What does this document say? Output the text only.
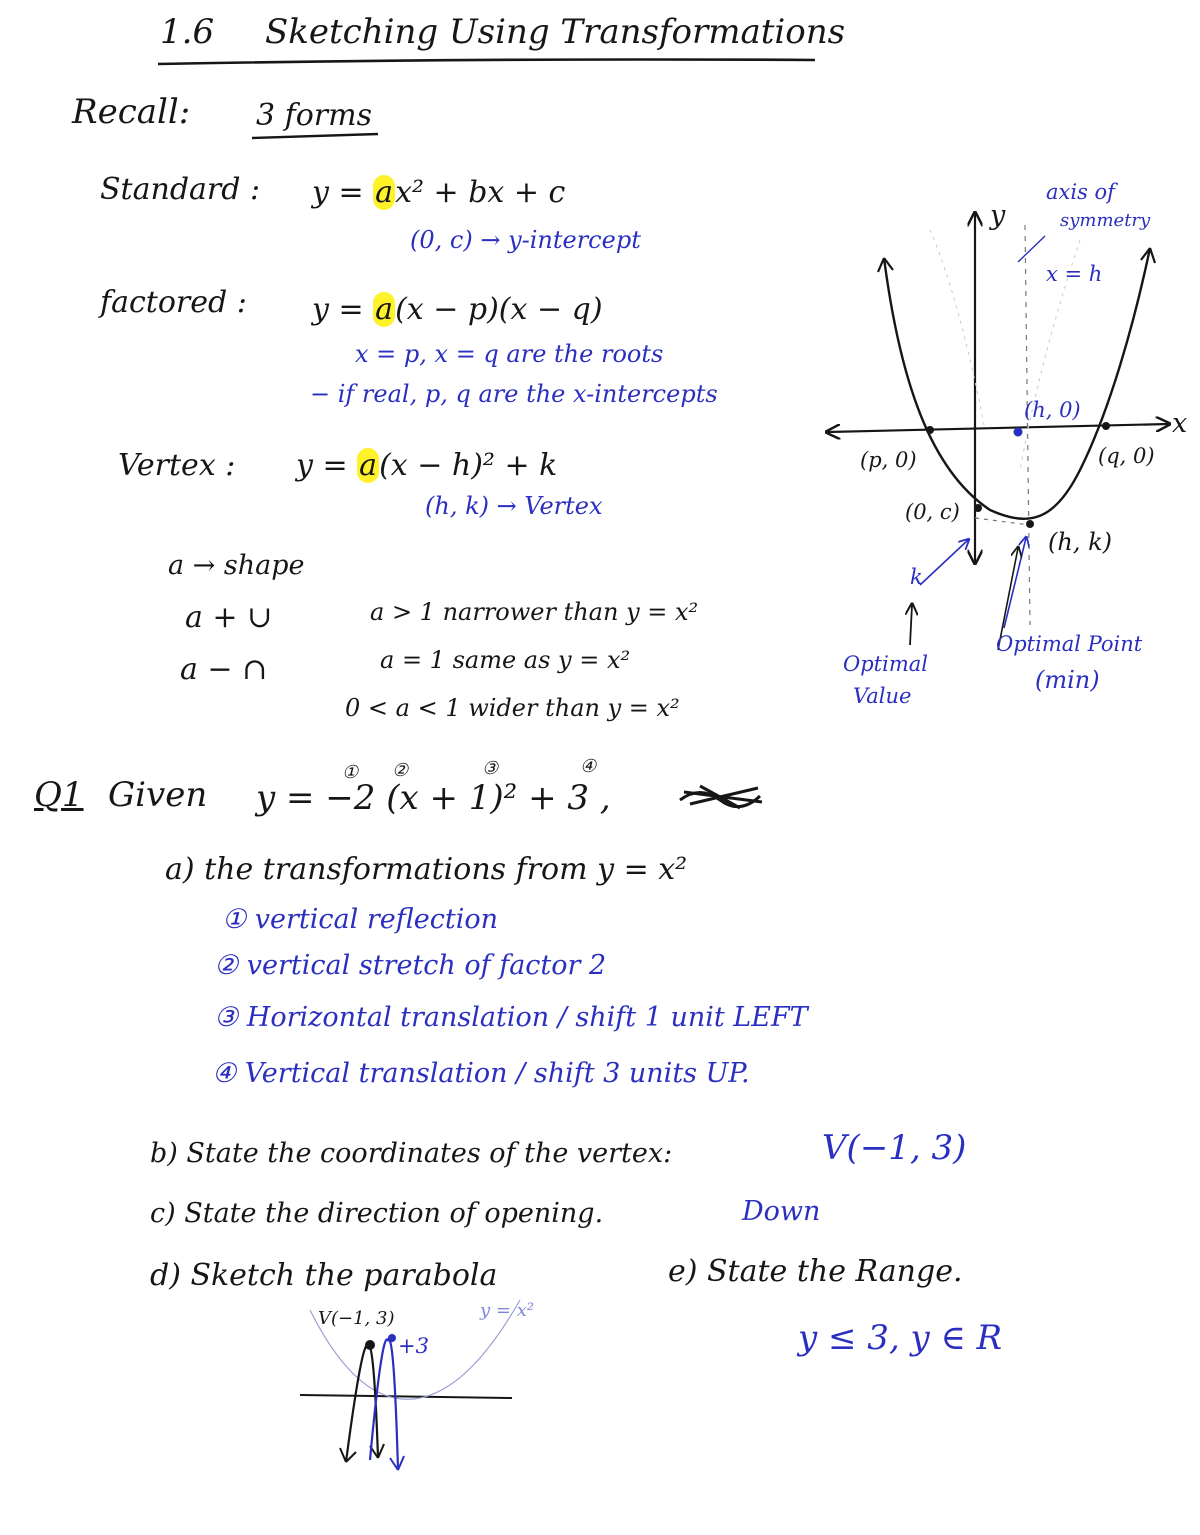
1.6 Sketching Using Transformations
Recall: 3 forms
Standard : y = ax² + bx + c
(0, c) → y-intercept
factored : y = a(x − p)(x − q)
x = p, x = q are the roots
− if real, p, q are the x-intercepts
Vertex : y = a(x − h)² + k
(h, k) → Vertex
a → shape
a + ∪
a − ∩
a > 1 narrower than y = x²
a = 1 same as y = x²
0 < a < 1 wider than y = x²
y
x
axis of
symmetry
x = h
(p, 0)	(q, 0)
(h, 0)
(0, c)
(h, k)
k
Optimal
Value
Optimal Point
(min)
Q1 Given y = −2 (x + 1)² + 3 ,
① ②	③	④
a) the transformations from y = x²
① vertical reflection
② vertical stretch of factor 2
③ Horizontal translation / shift 1 unit LEFT
④ Vertical translation / shift 3 units UP.
b) State the coordinates of the vertex:	V(−1, 3)
c) State the direction of opening.	Down
d) Sketch the parabola	e) State the Range.
y ≤ 3, y ∈ R
V(−1, 3)
+3
y = x²
